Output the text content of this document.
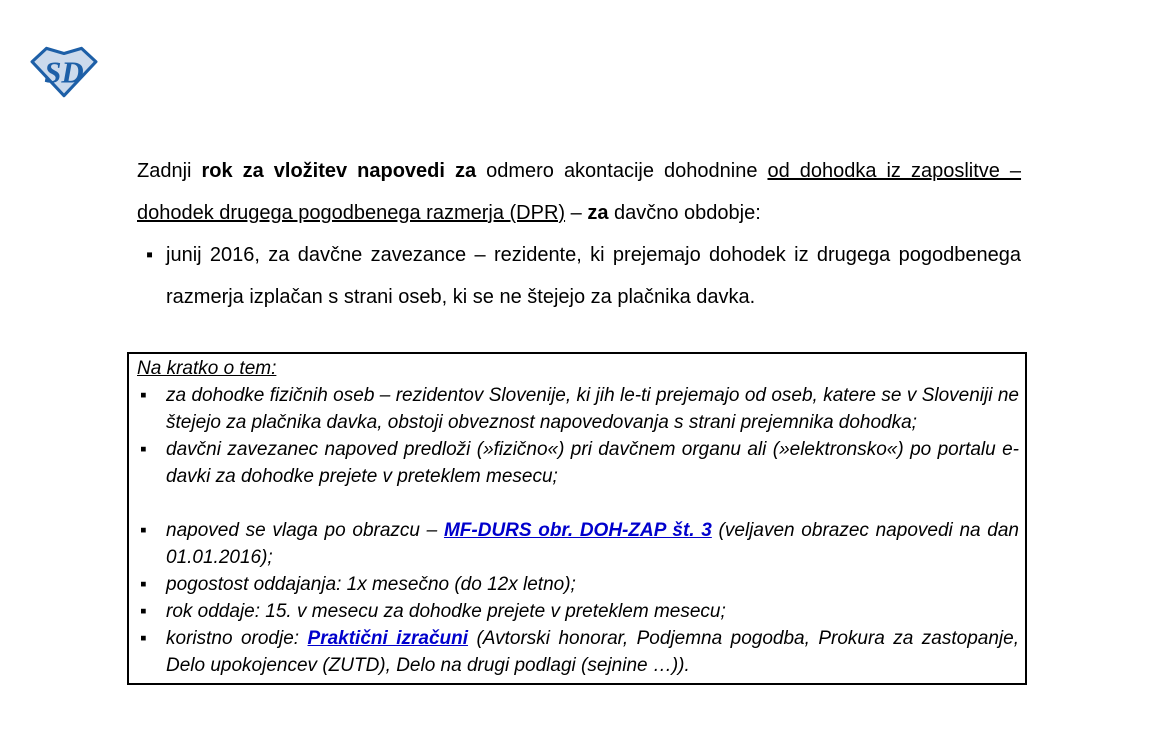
SD

Zadnji rok za vložitev napovedi za odmero akontacije dohodnine od dohodka iz zaposlitve – dohodek drugega pogodbenega razmerja (DPR) – za davčno obdobje:

▪ junij 2016, za davčne zavezance – rezidente, ki prejemajo dohodek iz drugega pogodbenega razmerja izplačan s strani oseb, ki se ne štejejo za plačnika davka.
Na kratko o tem:
▪ za dohodke fizičnih oseb – rezidentov Slovenije, ki jih le-ti prejemajo od oseb, katere se v Sloveniji ne štejejo za plačnika davka, obstoji obveznost napovedovanja s strani prejemnika dohodka;
▪ davčni zavezanec napoved predloži (»fizično«) pri davčnem organu ali (»elektronsko«) po portalu e-davki za dohodke prejete v preteklem mesecu;
▪ napoved se vlaga po obrazcu – MF-DURS obr. DOH-ZAP št. 3 (veljaven obrazec napovedi na dan 01.01.2016);
▪ pogostost oddajanja: 1x mesečno (do 12x letno);
▪ rok oddaje: 15. v mesecu za dohodke prejete v preteklem mesecu;
▪ koristno orodje: Praktični izračuni (Avtorski honorar, Podjemna pogodba, Prokura za zastopanje, Delo upokojencev (ZUTD), Delo na drugi podlagi (sejnine …)).
